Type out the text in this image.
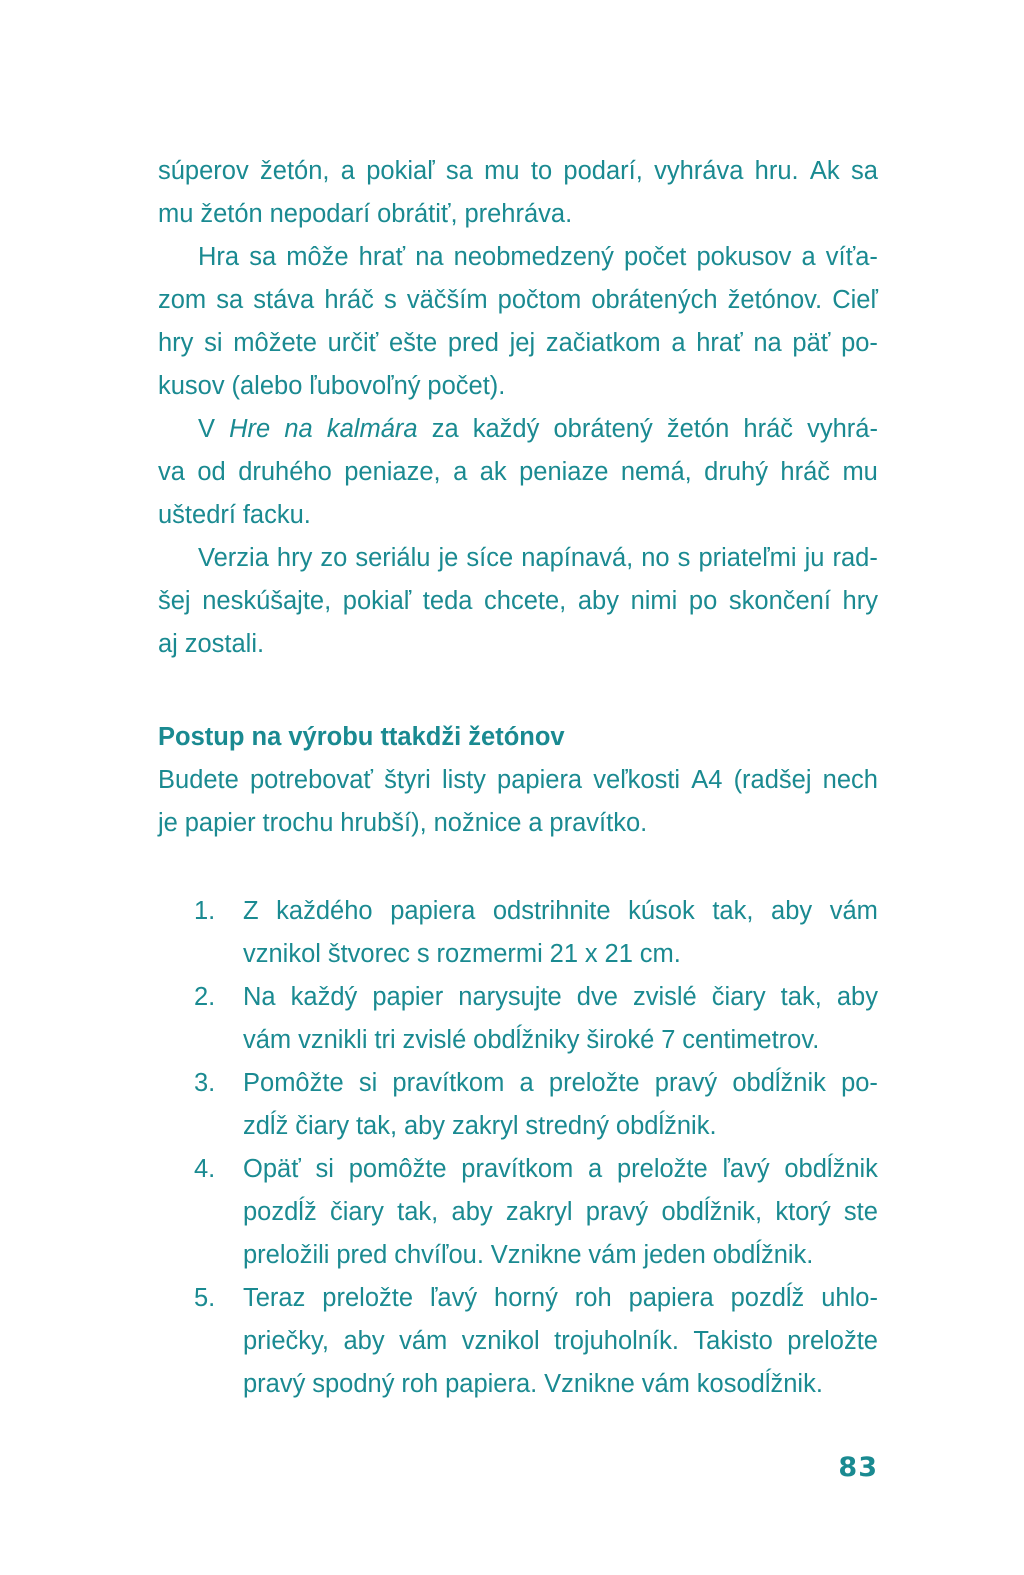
súperov žetón, a pokiaľ sa mu to podarí, vyhráva hru. Ak sa
mu žetón nepodarí obrátiť, prehráva.
Hra sa môže hrať na neobmedzený počet pokusov a víťa-
zom sa stáva hráč s väčším počtom obrátených žetónov. Cieľ
hry si môžete určiť ešte pred jej začiatkom a hrať na päť po-
kusov (alebo ľubovoľný počet).
V Hre na kalmára za každý obrátený žetón hráč vyhrá-
va od druhého peniaze, a ak peniaze nemá, druhý hráč mu
uštedrí facku.
Verzia hry zo seriálu je síce napínavá, no s priateľmi ju rad-
šej neskúšajte, pokiaľ teda chcete, aby nimi po skončení hry
aj zostali.
Postup na výrobu ttakdži žetónov
Budete potrebovať štyri listy papiera veľkosti A4 (radšej nech
je papier trochu hrubší), nožnice a pravítko.
1. Z každého papiera odstrihnite kúsok tak, aby vám
vznikol štvorec s rozmermi 21 x 21 cm.
2. Na každý papier narysujte dve zvislé čiary tak, aby
vám vznikli tri zvislé obdĺžniky široké 7 centimetrov.
3. Pomôžte si pravítkom a preložte pravý obdĺžnik po-
zdĺž čiary tak, aby zakryl stredný obdĺžnik.
4. Opäť si pomôžte pravítkom a preložte ľavý obdĺžnik
pozdĺž čiary tak, aby zakryl pravý obdĺžnik, ktorý ste
preložili pred chvíľou. Vznikne vám jeden obdĺžnik.
5. Teraz preložte ľavý horný roh papiera pozdĺž uhlo-
priečky, aby vám vznikol trojuholník. Takisto preložte
pravý spodný roh papiera. Vznikne vám kosodĺžnik.
83
